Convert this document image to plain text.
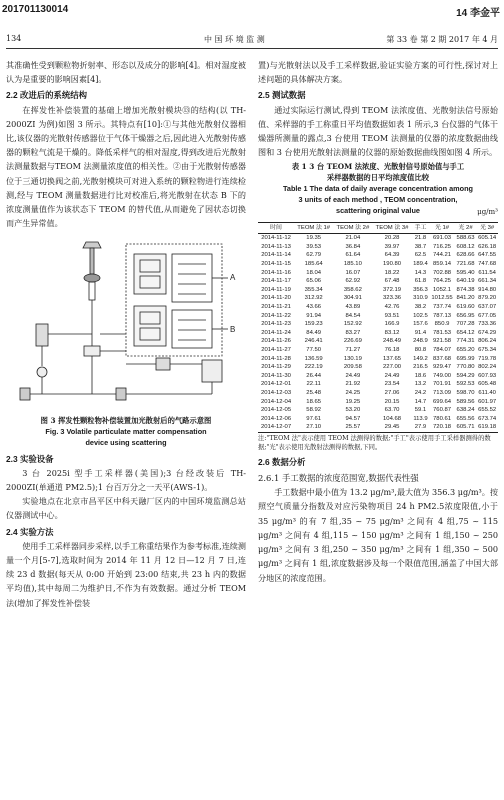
201701130014	14 李金平
134	中 国 环 境 监 测	第 33 卷 第 2 期 2017 年 4 月

其准确性受到颗粒物折射率、形态以及成分的影响[4]。相对湿度被认为是重要的影响因素[4]。

2.2 改进后的系统结构

在挥发性补偿装置的基础上增加光散射模块⑬的结构(以 TH-2000ZI 为例)如图 3 所示。其特点有[10]:①与其他光散射仪器相比,该仪器的光散射传感器位于气体干燥器之后,因此进入光散射传感器的颗粒气流是干燥的。降低采样气的相对湿度,得到改进后光散射法测量数据与TEOM 法测量浓度值的相关性。②由于光散射传感器位于三通切换阀之前,光散射模块可对进入系统的颗粒物进行连续检测,经与 TEOM 测量数据进行比对校准后,将光散射在状态 B 下的浓度测量值作为该状态下 TEOM 的替代值,从而避免了因状态切换而产生异常值。

A
B

图 3 挥发性颗粒物补偿装置加光散射后的气路示意图

Fig. 3 Volatile particulate matter compensation

device using scattering

2.3 实验设备

3 台 2025i 型手工采样器(美国);3 台经改装后 TH-2000ZI(单通道 PM2.5);1 台百万分之一天平(AWS-1)。

实验地点在北京市昌平区中科天融厂区内的中国环境监测总站仪器测试中心。

2.4 实验方法

使用手工采样器同步采样,以手工称重结果作为参考标准,连续测量一个月[5-7],选取时间为 2014 年 11 月 12 日—12 月 7 日,连续 23 d 数据(每天从 0:00 开始到 23:00 结束,共 23 h 内的数据平均值),其中每周二为维护日,不作为有效数据。通过分析 TEOM 法(增加了挥发性补偿装

置)与光散射法以及手工采样数据,验证实验方案的可行性,探讨对上述问题的具体解决方案。

2.5 测试数据

通过实际运行测试,得到 TEOM 法浓度值、光散射法信号原始值、采样器的手工称重日平均值数据如表 1 所示,3 台仪器的气体干燥器所测量的露点,3 台使用 TEOM 法测量的仪器的浓度数据曲线图和 3 台使用光散射法测量的仪器的原始数据曲线图如图 4 所示。

表 1 3 台 TEOM 法浓度、光散射信号原始值与手工

采样器数据的日平均浓度值比较

Table 1 The data of daily average concentration among

3 units of each method , TEOM concentration,

scattering original value	μg/m³
时间	TEOM 法 1#	TEOM 法 2#	TEOM 法 3#	手工	光 1#	光 2#	光 3#
2014-11-12	19.35	21.04	20.28	21.8	691.03	588.63	605.14
2014-11-13	39.53	36.84	39.97	38.7	716.25	608.12	626.18
2014-11-14	62.79	61.64	64.39	62.5	744.21	628.66	647.55
2014-11-15	185.64	185.10	190.80	189.4	859.14	721.68	747.68
2014-11-16	18.04	16.07	18.22	14.3	702.88	595.40	611.54
2014-11-17	65.06	62.92	67.48	61.8	764.25	640.19	661.34
2014-11-19	355.34	358.62	372.19	356.3	1052.1	874.38	914.80
2014-11-20	312.92	304.91	323.36	310.9	1012.55	841.20	879.20
2014-11-21	43.66	43.89	42.76	38.2	737.74	619.60	637.07
2014-11-22	91.94	84.54	93.51	102.5	787.13	656.95	677.05
2014-11-23	159.23	152.92	166.9	157.6	850.9	707.28	733.36
2014-11-24	84.49	83.27	83.12	91.4	781.53	654.12	674.29
2014-11-26	246.41	226.69	248.49	248.9	921.58	774.31	806.24
2014-11-27	77.50	71.27	76.18	80.8	784.07	655.20	675.34
2014-11-28	136.59	130.19	137.65	149.2	837.68	695.99	719.78
2014-11-29	222.19	209.58	227.00	216.5	929.47	770.80	802.24
2014-11-30	26.44	24.49	24.49	18.6	749.00	594.29	607.93
2014-12-01	22.11	21.92	23.54	13.2	701.91	592.53	605.48
2014-12-03	25.48	24.25	27.06	24.2	713.09	598.70	611.40
2014-12-04	18.65	19.25	20.15	14.7	699.64	589.56	601.97
2014-12-05	58.92	53.20	63.70	59.1	760.87	638.24	655.52
2014-12-06	97.61	94.57	104.68	113.9	780.61	655.56	673.74
2014-12-07	27.10	25.57	29.45	27.9	720.18	605.71	619.18

注:"TEOM 法"表示使用 TEOM 法测得的数据;"手工"表示使用手工采样器测得的数据;"光"表示使用光散射法测得的数据,下同。

2.6 数据分析

2.6.1 手工数据的浓度范围宽,数据代表性强

手工数据中最小值为 13.2 μg/m³,最大值为 356.3 μg/m³。按照空气质量分指数及对应污染物项目 24 h PM2.5浓度限值,小于 35 μg/m³ 的有 7 组,35 ~ 75 μg/m³ 之间有 4 组,75 ~ 115 μg/m³ 之间有 4 组,115 ~ 150 μg/m³ 之间有 1 组,150 ~ 250 μg/m³ 之间有 3 组,250 ~ 350 μg/m³ 之间有 1 组,350 ~ 500 μg/m³ 之间有 1 组,浓度数据涉及每一个限值范围,涵盖了中国大部分地区的浓度范围。
